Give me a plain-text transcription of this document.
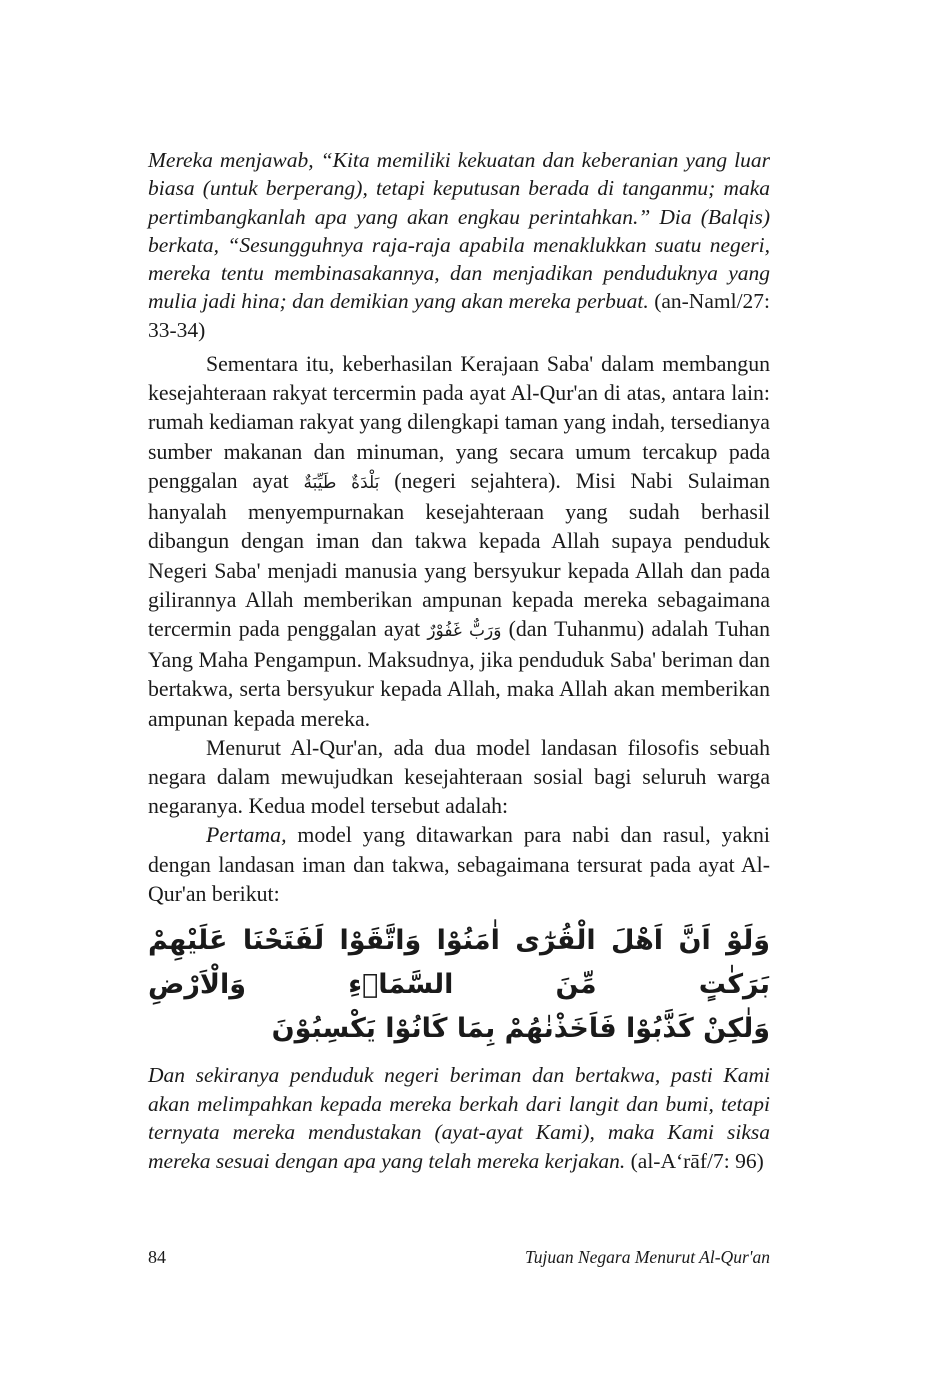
Mereka menjawab, “Kita memiliki kekuatan dan keberanian yang luar biasa (untuk berperang), tetapi keputusan berada di tanganmu; maka pertimbangkanlah apa yang akan engkau perintahkan.” Dia (Balqis) berkata, “Sesungguhnya raja-raja apabila menaklukkan suatu negeri, mereka tentu membinasakannya, dan menjadikan penduduknya yang mulia jadi hina; dan demikian yang akan mereka perbuat. (an-Naml/27: 33-34)

Sementara itu, keberhasilan Kerajaan Saba' dalam membangun kesejahteraan rakyat tercermin pada ayat Al-Qur'an di atas, antara lain: rumah kediaman rakyat yang dilengkapi taman yang indah, tersedianya sumber makanan dan minuman, yang secara umum tercakup pada penggalan ayat بَلْدَةٌ طَيِّبَةٌ (negeri sejahtera). Misi Nabi Sulaiman hanyalah menyempurnakan kesejahteraan yang sudah berhasil dibangun dengan iman dan takwa kepada Allah supaya penduduk Negeri Saba' menjadi manusia yang bersyukur kepada Allah dan pada gilirannya Allah memberikan ampunan kepada mereka sebagaimana tercermin pada penggalan ayat وَرَبٌّ غَفُوْرٌ (dan Tuhanmu) adalah Tuhan Yang Maha Pengampun. Maksudnya, jika penduduk Saba' beriman dan bertakwa, serta bersyukur kepada Allah, maka Allah akan memberikan ampunan kepada mereka.

Menurut Al-Qur'an, ada dua model landasan filosofis sebuah negara dalam mewujudkan kesejahteraan sosial bagi seluruh warga negaranya. Kedua model tersebut adalah:

Pertama, model yang ditawarkan para nabi dan rasul, yakni dengan landasan iman dan takwa, sebagaimana tersurat pada ayat Al-Qur'an berikut:

وَلَوْ اَنَّ اَهْلَ الْقُرٰٓى اٰمَنُوْا وَاتَّقَوْا لَفَتَحْنَا عَلَيْهِمْ بَرَكٰتٍ مِّنَ السَّمَاۤءِ وَالْاَرْضِ
وَلٰكِنْ كَذَّبُوْا فَاَخَذْنٰهُمْ بِمَا كَانُوْا يَكْسِبُوْنَ

Dan sekiranya penduduk negeri beriman dan bertakwa, pasti Kami akan melimpahkan kepada mereka berkah dari langit dan bumi, tetapi ternyata mereka mendustakan (ayat-ayat Kami), maka Kami siksa mereka sesuai dengan apa yang telah mereka kerjakan. (al-A‘rāf/7: 96)

84	Tujuan Negara Menurut Al-Qur'an
